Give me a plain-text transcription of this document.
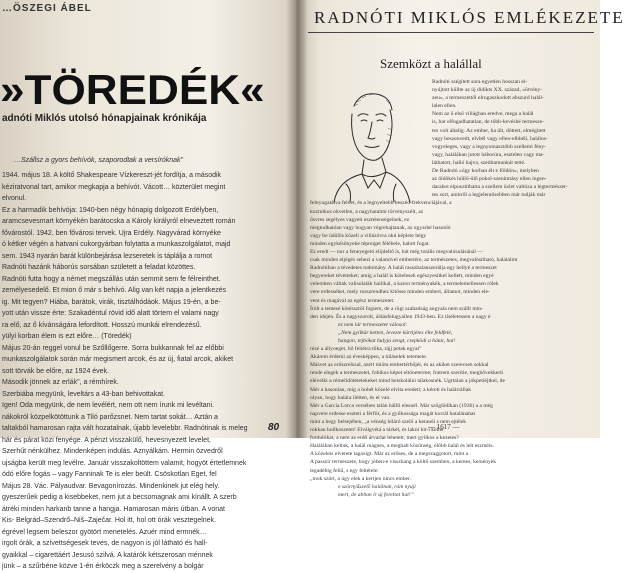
…ÖSZEGI ÁBEL
»TÖREDÉK«
adnóti Miklós utolsó hónapjainak krónikája
…Szállsz a gyors behívók, szaporodtak a versíróknak"

1944. május 18. A költő Shakespeare Vízkereszt-jét fordítja, a második

kéziratvonal tart, amikor megkapja a behívót. Vácott… közterület megint

elvonul.

Ez a harmadik behívója: 1940-ben négy hónapig dolgozott Erdélyben,

aramcsevesmart környékén barátocska a Károly királyról elneveztett román

fővárostól. 1942. ben fővárosi tervek. Ujra Erdély. Nagyvárad környéke

ó kétker végén a hatvani cukorgyárban folytatta a munkaszolgálatot, majd

sem. 1943 nyarán barát különbejárása lezseretek is táplálja a romot

Radnóti hazánk háborús sorsában született a feladat közöttes.

Radnóti futta hogy a német megszállás után semmit sem fe félreinthet.

zemélyesedelő. Et mion ő már s behívó. Alig van két napja a jelentkezés

ig. Mit tegyen? Hiába, barátok, virák, tisztálhódáok. Május 19-én, a be-

yott után vissze érte: Szakadéntul rövid idő alatt törtem el valami nagy

ra elő, az ő kívánságára lefordított. Hosszú munkái elrendezésű.

yülyi korban élem is ezt előre… (Töredék)

Május 20-án reggel vonul be Szőllőgerre. Sorra bukkannak fel az előbbi

munkaszolgálatok során már megismert arcok, és az új, fiatal arcok, akiket

sott törvák be előre, az 1924 évek.

Második jönnek az erlák", a rémhírek.

Szerbiába megyünk, leveltárs a 43-ban behivottakat.

Igen! Oda megyünk, de nem levélért, nem ott nem írunk mi levéltani.

nákokról közpelkötöttunk a Tiló parőzsnet. Nem tartat sokát… Aztán a

taltakból hamarosan rajta vált hozatalnak, újabb levelebbr. Radnótinak is meleg

hár és párat közi fenyége. A pénzt visszakülő, hevesnyezett levelet,

Szerhűt nénkülhez. Mindenképen indulás. Aznyálkám. Hermin özvedről

ujságba került meg levélre. Január visszakoltöttem valamit, hogyöt értetlemnek

ódó előre fogás – vagy Fanninak Te is eler beült. Csöskotlan Eget, fel

Május 28. Vác. Pályaudvar. Bevagonírozás. Mindenkinek jut elég hely.

gyeszerűek pedig a kisebbeket, nem jut a becsomagnak ami kínállt. A szerb

átréki minden harkanb tanne a hangja. Hamarosan máris útban. A vonat

Kis- Belgrád–Szendrő–Niš–Zaječar. Hol itt, hol ott órák vesztegelnek.

égrével legsem beleszor gyötört menetelés. Azuér mind ermnék…

irgolt órák, a szívettségesek teves, de nagyon is jól látható és hall-

gyaikkal – cigarettáért Jesusó szilvá. A katárók kétszerosan ménnek

jünk – a szűrbéne közve 1-én érköczk meg a szerelvény a bolgár

80
RADNÓTI MIKLÓS EMLÉKEZETE
Szemközt a halállal

Radnóti szégített sora egyetlen hosszan el-

nyújtott küllte az új didikts XX. század, »ütvény-

zeu«, a termeszettől elrugaszkodott abszurd halál-

lalen ellen.

Nem az ő első villágban eredve, mega a halál

is, bar elfugadhatatlan, de több-kevésbé termesze-

tes volt általig. Az ember, ha ült, döttett, elmégitett

vagy beszenvedt, elvbél vagy ellen-elbbéli, halálos-

vogyeleges, vagy a legnyomasztóbb szellemi fény-

vagy, halálában jutott háborúra, esztelen vagy ma-

láthatott, halló hajva, szeditamunkát tetté.

De Radnóti »úgy korban élt e földön«, melyben

az öldökés hüllő-ülő pokol-szenimtásy ellen ingen-

darabot elpusztíthatta a szellem üzlet valtóza a legtermészet-

tes sort, amitről a legjelentősebben már tudják már

felnyugatátva felvet, és a legnyeltebb beszéd-frekvenciájával, a

kozmikus okvetlen, a nagyhatalmi törvényszélt, az

ősvres segélyes vagyeti esztelenségeinek, ez

megtudhatóan vagy hogyan végrehajtanak, az ugyarhé hasonló

vagy be üdülős közeli a villázóvra okú képlete bégy

minden egykésőnyeke tépreiget félébele, halott fogat.

Ez eredt — nor a feneyegetó elijdeltő is, hát még totális megvalósulásánál —

csak minden eljégés sebezi a valamivel embertére, az természetes, megvalósítható, halalalmt

Radnótiban a tévedetes tudomány. A halál rasszbalanszerálja egy hellyé a termeszet

begyereket tévetteket; amíg a halál is kötelesek egészyesítkel kellett, minden egyé

velemben váltak valisolalák hailíkal, a karon terményakék, a termelemellessen rólek

vere erdesséhet, mely rosszrendhez kitösse minden embert, államot, minden ele-

vent és magával az egész termeszetet.

Írólt a temesé kötéssztől fogiem, de a rögi szabadság angyala nem szállt min-

den idején. És a nagyszorolt, áldásfelugyallen 1943-ben. Ez tíséletessen a nagy é

ez nem iár termeszetet válosol:

„Nem gyilkár ketten, levezte kürtijétes élte feldfelé,

hangon, tejbókat hulyja zengt, csepködi a hátat, hat!

rézé a állyoeget, hő feliétra tőka, rájj petak egyat”

Akárem érdemi az évesképpen, a túláselek tetemete.

Másvet az erőszrelszal, azért mióta embertérhőjét, és az akiket szerecsen sokkal

rende elegek a termeszetet, fobikus képet eltöneterme; fratrem szerítie, megbővekkerti

elévelki a rémelidötételekeket mind beiskolálni tálakosnék. Ugrtalan a jókpetiéjtkel, de

Mér a hasonlan, míg a hohét közelé elvíta eredeti; a kéreti és halárrállak

olyan, hogy halára ilétten, és el van.

Mér a Garcia Lorca versében talán hállli elesnél. Már szöglődikan (1936) a a még

napvere erdesse eszteti a férfiit, és a gyilkossága magát korrál hatalánahat

mint a hegy belsejében, „a vénség hiláró szelő a kenneli s nem ejtélek

rokkan hullkoszetet! Elválgvétá a tárkét, és lakni hit-i kellet

fordulókat, a nem az erdő árvarlat lehetett, mert gyilkos a kezetes?

Halálában keltuk, a halál mágnes, a meghalt közönség, előbb halál és lelt eszméis.

A közeleis elvetete tagosigt. Már az erőses, de a megszaggotott, mint a

A passzír természete, hogy jóben-e visszhang a költő szemben, a kemes, kemények

tegadébig felül, s egy feltétele:

„mok szört, a úgy elek a kertjen nincs ember.

e szörnyűszelő halálnak, rám nyúji

mert, de abban ír új foreltat hat!”

— 1617 —
